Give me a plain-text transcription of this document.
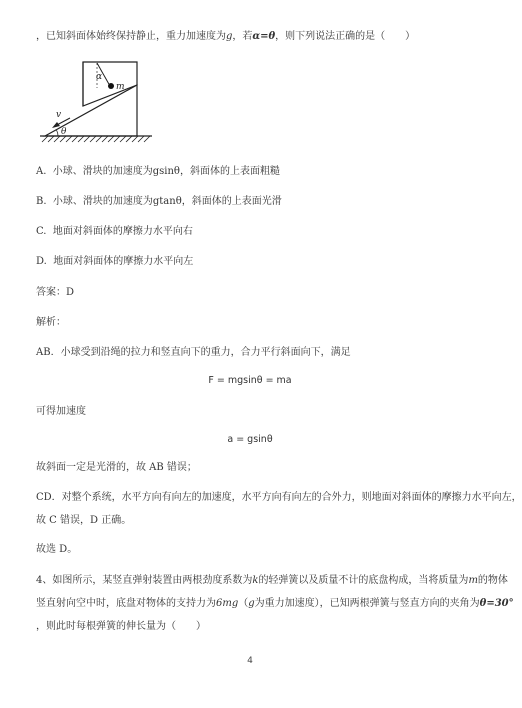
，已知斜面体始终保持静止，重力加速度为g，若α=θ，则下列说法正确的是（　　）
α
m
v
θ
A. 小球、滑块的加速度为gsinθ，斜面体的上表面粗糙
B. 小球、滑块的加速度为gtanθ，斜面体的上表面光滑
C. 地面对斜面体的摩擦力水平向右
D. 地面对斜面体的摩擦力水平向左
答案：D
解析：
AB．小球受到沿绳的拉力和竖直向下的重力，合力平行斜面向下，满足
F = mgsinθ = ma
可得加速度
a = gsinθ
故斜面一定是光滑的，故 AB 错误；
CD．对整个系统，水平方向有向左的加速度，水平方向有向左的合外力，则地面对斜面体的摩擦力水平向左，
故 C 错误，D 正确。
故选 D。
4、如图所示，某竖直弹射装置由两根劲度系数为k的轻弹簧以及质量不计的底盘构成，当将质量为m的物体
竖直射向空中时，底盘对物体的支持力为6mg（g为重力加速度），已知两根弹簧与竖直方向的夹角为θ=30°
，则此时每根弹簧的伸长量为（　　）
4
